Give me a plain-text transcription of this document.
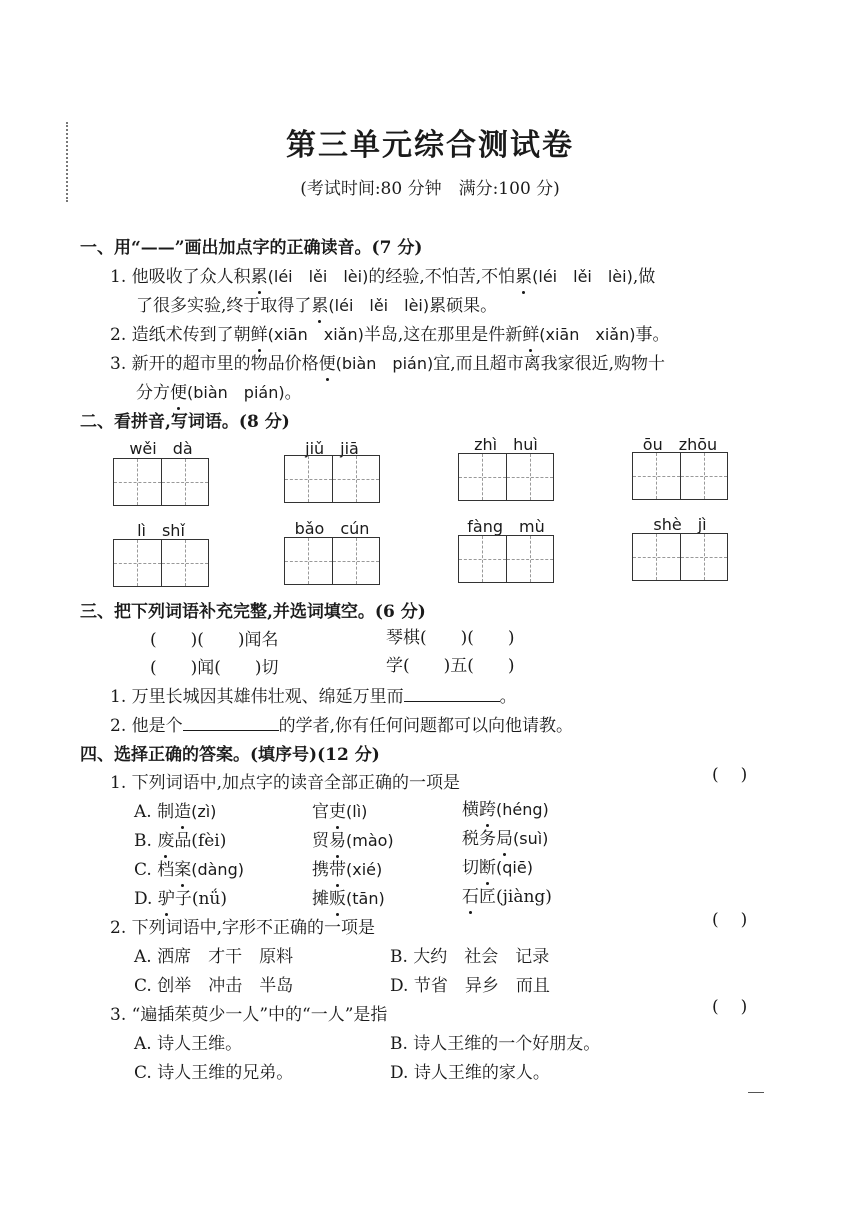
第三单元综合测试卷
(考试时间:80 分钟　满分:100 分)
一、用“——”画出加点字的正确读音。(7 分)
1. 他吸收了众人积累(léi　lěi　lèi)的经验,不怕苦,不怕累(léi　lěi　lèi),做
了很多实验,终于取得了累(léi　lěi　lèi)累硕果。
2. 造纸术传到了朝鲜(xiān　xiǎn)半岛,这在那里是件新鲜(xiān　xiǎn)事。
3. 新开的超市里的物品价格便(biàn　pián)宜,而且超市离我家很近,购物十
分方便(biàn　pián)。
二、看拼音,写词语。(8 分)
wěi　dà	jiǔ　jiā	zhì　huì	ōu　zhōu
lì　shǐ	bǎo　cún	fàng　mù	shè　jì
三、把下列词语补充完整,并选词填空。(6 分)
(　　)(　　)闻名	琴棋(　　)(　　)
(　　)闻(　　)切	学(　　)五(　　)
1. 万里长城因其雄伟壮观、绵延万里而	。
2. 他是个	的学者,你有任何问题都可以向他请教。
四、选择正确的答案。(填序号)(12 分)
1. 下列词语中,加点字的读音全部正确的一项是	()
A. 制造(zì)	官吏(lì)	横跨(héng)
B. 废品(fèi)	贸易(mào)	税务局(suì)
C. 档案(dàng)	携带(xié)	切断(qiē)
D. 驴子(nǘ)	摊贩(tān)	石匠(jiàng)
2. 下列词语中,字形不正确的一项是	()
A. 洒席　才干　原料	B. 大约　社会　记录
C. 创举　冲击　半岛	D. 节省　异乡　而且
3. “遍插茱萸少一人”中的“一人”是指	()
A. 诗人王维。	B. 诗人王维的一个好朋友。
C. 诗人王维的兄弟。	D. 诗人王维的家人。
